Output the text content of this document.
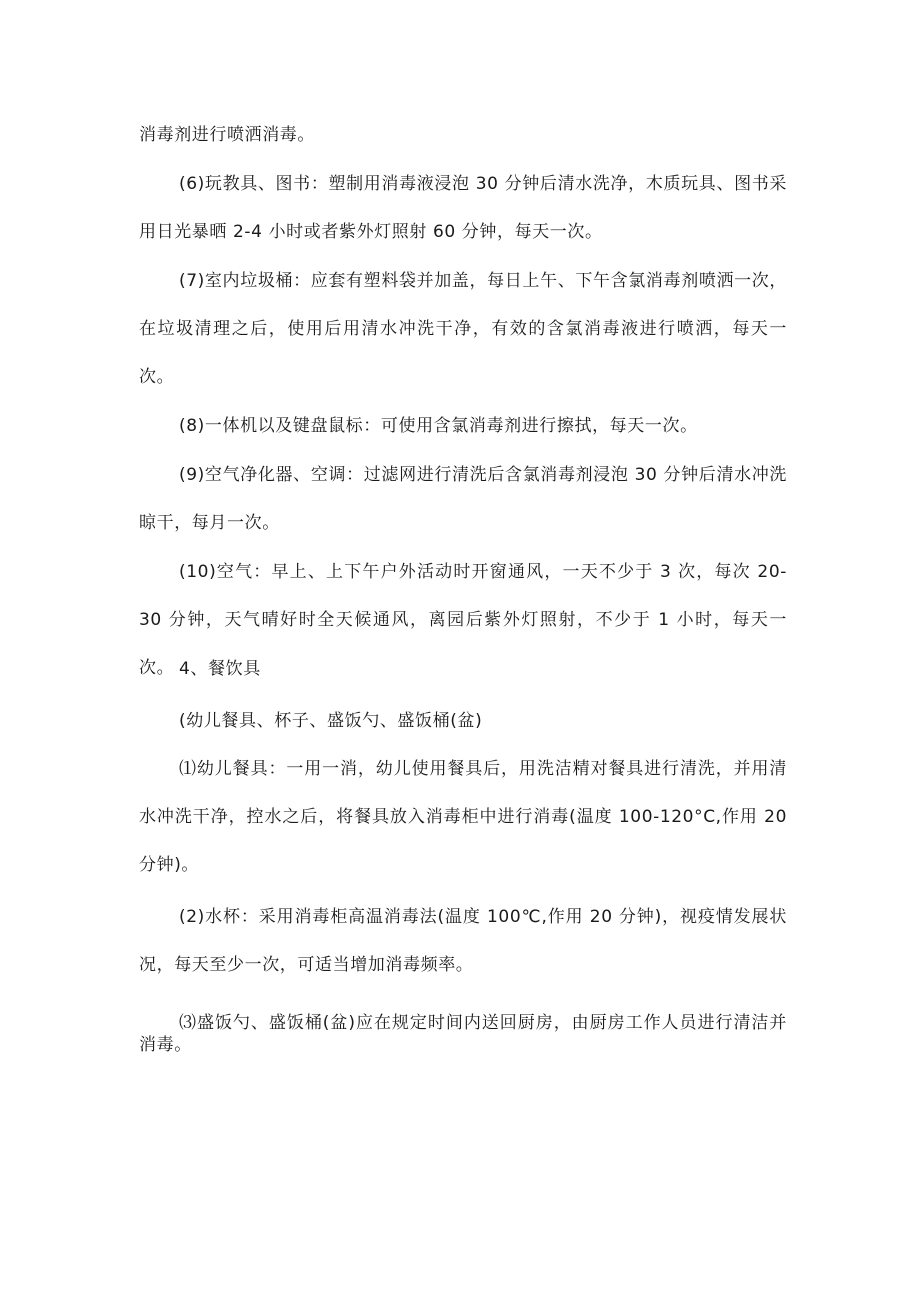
消毒剂进行喷洒消毒。

(6)玩教具、图书：塑制用消毒液浸泡 30 分钟后清水洗净，木质玩具、图书采用日光暴晒 2-4 小时或者紫外灯照射 60 分钟，每天一次。

(7)室内垃圾桶：应套有塑料袋并加盖，每日上午、下午含氯消毒剂喷洒一次，在垃圾清理之后，使用后用清水冲洗干净，有效的含氯消毒液进行喷洒，每天一次。

(8)一体机以及键盘鼠标：可使用含氯消毒剂进行擦拭，每天一次。

(9)空气净化器、空调：过滤网进行清洗后含氯消毒剂浸泡 30 分钟后清水冲洗晾干，每月一次。

(10)空气：早上、上下午户外活动时开窗通风，一天不少于 3 次，每次 20-30 分钟，天气晴好时全天候通风，离园后紫外灯照射，不少于 1 小时，每天一次。 4、餐饮具

(幼儿餐具、杯子、盛饭勺、盛饭桶(盆)

⑴幼儿餐具：一用一消，幼儿使用餐具后，用洗洁精对餐具进行清洗，并用清水冲洗干净，控水之后，将餐具放入消毒柜中进行消毒(温度 100-120°C,作用 20 分钟)。

(2)水杯：采用消毒柜高温消毒法(温度 100℃,作用 20 分钟)，视疫情发展状况，每天至少一次，可适当增加消毒频率。

⑶盛饭勺、盛饭桶(盆)应在规定时间内送回厨房，由厨房工作人员进行清洁并消毒。
